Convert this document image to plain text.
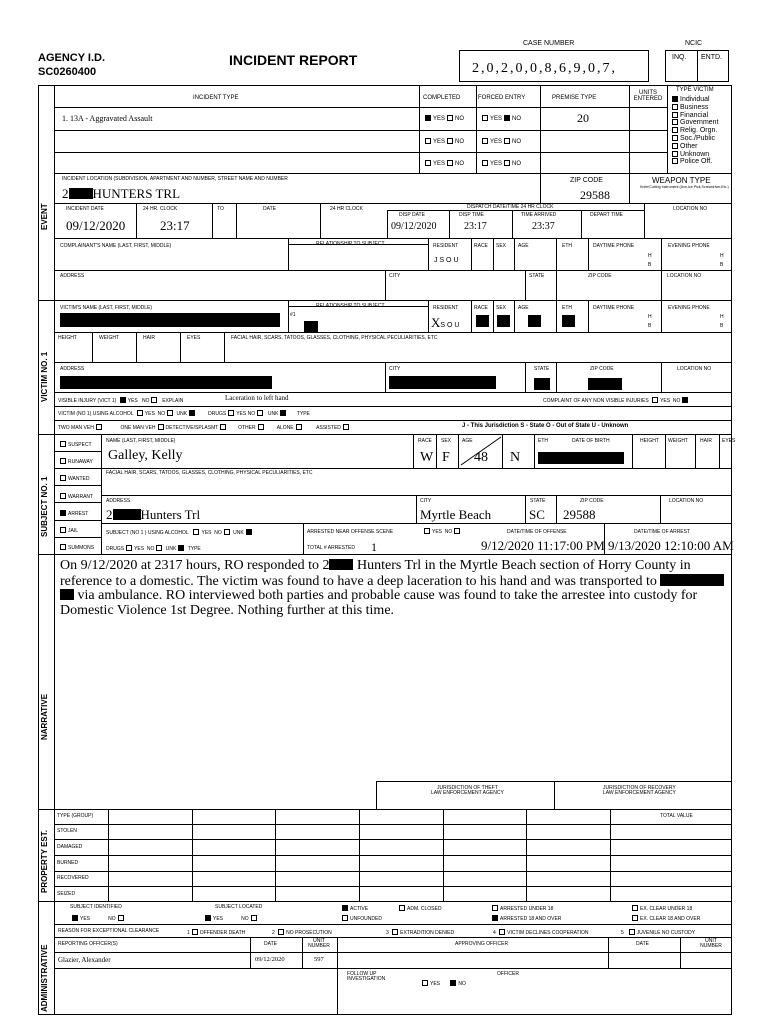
AGENCY I.D.
SC0260400
INCIDENT REPORT
CASE NUMBER
2,0,2,0,0,8,6,9,0,7,
NCIC
INQ. ENTD.
EVENT
INCIDENT TYPE	COMPLETED	FORCED ENTRY	PREMISE TYPE
UNITS ENTERED
TYPE VICTIM
1. 13A - Aggravated Assault	YES NO	YES NO	20
YES NO	YES NO
YES NO	YES NO
Individual
Business
Financial
Government
Relig. Orgn.
Soc./Public
Other
Unknown
Police Off.
INCIDENT LOCATION (SUBDIVISION, APARTMENT AND NUMBER, STREET NAME AND NUMBER
2 HUNTERS TRL
ZIP CODE
29588
WEAPON TYPE
Knife/Cutting Instrument (Axe,Ice Pick,Screwdriver,Etc.)
INCIDENT DATE	24 HR. CLOCK	TO	DATE	24 HR CLOCK	DISPATCH DATE/TIME 24 HR CLOCK
DISP DATE	DISP TIME	TIME ARRIVED	DEPART TIME
LOCATION NO
09/12/2020	23:17	09/12/2020	23:17	23:37
COMPLAINANT'S NAME (LAST, FIRST, MIDDLE)	RELATIONSHIP TO SUBJECT	RESIDENT	RACE SEX AGE	ETH	DAYTIME PHONE	EVENING PHONE
J S O U
H
B
H
B
ADDRESS	CITY	STATE	ZIP CODE	LOCATION NO
VICTIM NO. 1
VICTIM'S NAME (LAST, FIRST, MIDDLE)	RELATIONSHIP TO SUBJECT
#1
RESIDENT	RACE SEX AGE	ETH	DAYTIME PHONE	EVENING PHONE
XS O U
H
B
H
B
HEIGHT	WEIGHT	HAIR	EYES	FACIAL HAIR, SCARS, TATOOS, GLASSES, CLOTHING, PHYSICAL PECULIARITIES, ETC
ADDRESS	CITY	STATE	ZIP CODE	LOCATION NO
VISIBLE INJURY (VICT 1) YES NO	EXPLAIN	Laceration to left hand	COMPLAINT OF ANY NON VISIBLE INJURIES YES NO
VICTIM (NO 1) USING ALCOHOL YES NO UNK	DRUGS YES NO	UNK	TYPE
TWO MAN VEH	ONE MAN VEH DETECTIVE/SPLASMT	OTHER	ALONE	ASSISTED	J - This Jurisdiction S - State O - Out of State U - Unknown
SUBJECT NO. 1
SUSPECT
RUNAWAY
WANTED
WARRANT
ARREST
JAIL
SUMMONS
NAME (LAST, FIRST, MIDDLE)
Galley, Kelly
RACE SEX AGE	ETH	DATE OF BIRTH	HEIGHT WEIGHT HAIR EYES
W F 48 N
FACIAL HAIR, SCARS, TATOOS, GLASSES, CLOTHING, PHYSICAL PECULIARITIES, ETC
ADDRESS
2 Hunters Trl
CITY
Myrtle Beach
STATE
SC
ZIP CODE
29588
LOCATION NO
SUBJECT (NO 1 ) USING ALCOHOL	YES NO UNK	ARRESTED NEAR OFFENSE SCENE	YES NO	DATE/TIME OF OFFENSE	DATE/TIME OF ARREST
DRUGS YES NO UNK TYPE	TOTAL # ARRESTED 1	9/12/2020 11:17:00 PM 9/13/2020 12:10:00 AM
NARRATIVE
On 9/12/2020 at 2317 hours, RO responded to 2 Hunters Trl in the Myrtle Beach section of Horry County in
reference to a domestic. The victim was found to have a deep laceration to his hand and was transported to
via ambulance. RO interviewed both parties and probable cause was found to take the arrestee into custody for
Domestic Violence 1st Degree. Nothing further at this time.
JURISDICTION OF THEFT
LAW ENFORCEMENT AGENCY
JURISDICTION OF RECOVERY
LAW ENFORCEMENT AGENCY
PROPERTY EST.
TYPE (GROUP)
STOLEN
DAMAGED
BURNED
RECOVERED
SEIZED
TOTAL VALUE
ADMINISTRATIVE
SUBJECT IDENTIFIED
YES	NO
SUBJECT LOCATED
YES	NO
ACTIVE
UNFOUNDED
ADM. CLOSED	ARRESTED UNDER 18
ARRESTED 18 AND OVER
EX. CLEAR UNDER 18
EX. CLEAR 18 AND OVER
REASON FOR EXCEPTIONAL CLEARANCE	1 OFFENDER DEATH	2 NO PROSECUTION	3 EXTRADITION DENIED	4 VICTIM DECLINES COOPERATION	5	JUVENILE NO CUSTODY
REPORTING OFFICER(S)	DATE	UNIT NUMBER	APPROVING OFFICER	DATE	UNIT NUMBER
Glazier, Alexander	09/12/2020	597
FOLLOW UP INVESTIGATION
YES	NO
OFFICER
